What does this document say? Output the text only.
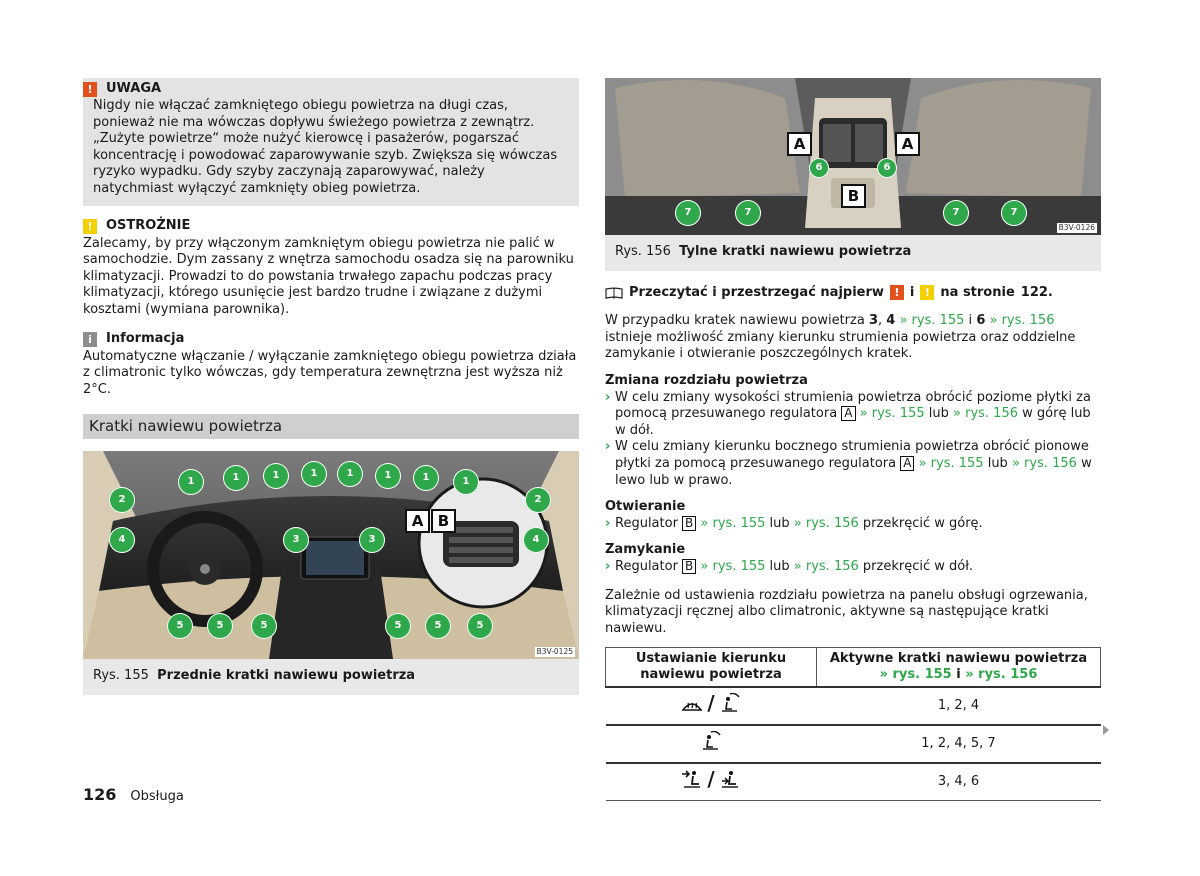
!	UWAGA
Nigdy nie włączać zamkniętego obiegu powietrza na długi czas, ponieważ nie ma wówczas dopływu świeżego powietrza z zewnątrz. „Zużyte powietrze“ może nużyć kierowcę i pasażerów, pogarszać koncentrację i powodować zaparowywanie szyb. Zwiększa się wówczas ryzyko wypadku. Gdy szyby zaczynają zaparowywać, należy natychmiast wyłączyć zamknięty obieg powietrza.
!	OSTROŻNIE
Zalecamy, by przy włączonym zamkniętym obiegu powietrza nie palić w samochodzie. Dym zassany z wnętrza samochodu osadza się na parowniku klimatyzacji. Prowadzi to do powstania trwałego zapachu podczas pracy klimatyzacji, którego usunięcie jest bardzo trudne i związane z dużymi kosztami (wymiana parownika).
i	Informacja
Automatyczne włączanie / wyłączanie zamkniętego obiegu powietrza działa z climatronic tylko wówczas, gdy temperatura zewnętrzna jest wyższa niż 2°C.
Kratki nawiewu powietrza
1	1	1	1	1	1	1	1
2	2
3	3
4	4
5	5	5	5	5	5
A B
B3V-0125
Rys. 155 Przednie kratki nawiewu powietrza
A	A
B
6	6
7	7	7	7
B3V-0126
Rys. 156 Tylne kratki nawiewu powietrza
Przeczytać i przestrzegać najpierw ! i ! na stronie 122.
W przypadku kratek nawiewu powietrza 3, 4 » rys. 155 i 6 » rys. 156 istnieje możliwość zmiany kierunku strumienia powietrza oraz oddzielne zamykanie i otwieranie poszczególnych kratek.
Zmiana rozdziału powietrza
› W celu zmiany wysokości strumienia powietrza obrócić poziome płytki za pomocą przesuwanego regulatora A » rys. 155 lub » rys. 156 w górę lub w dół.
› W celu zmiany kierunku bocznego strumienia powietrza obrócić pionowe płytki za pomocą przesuwanego regulatora A » rys. 155 lub » rys. 156 w lewo lub w prawo.
Otwieranie
› Regulator B » rys. 155 lub » rys. 156 przekręcić w górę.
Zamykanie
› Regulator B » rys. 155 lub » rys. 156 przekręcić w dół.
Zależnie od ustawienia rozdziału powietrza na panelu obsługi ogrzewania, klimatyzacji ręcznej albo climatronic, aktywne są następujące kratki nawiewu.
Ustawianie kierunku nawiewu powietrza	Aktywne kratki nawiewu powietrza
» rys. 155 i » rys. 156
/	1, 2, 4
	1, 2, 4, 5, 7
/	3, 4, 6
126 Obsługa
